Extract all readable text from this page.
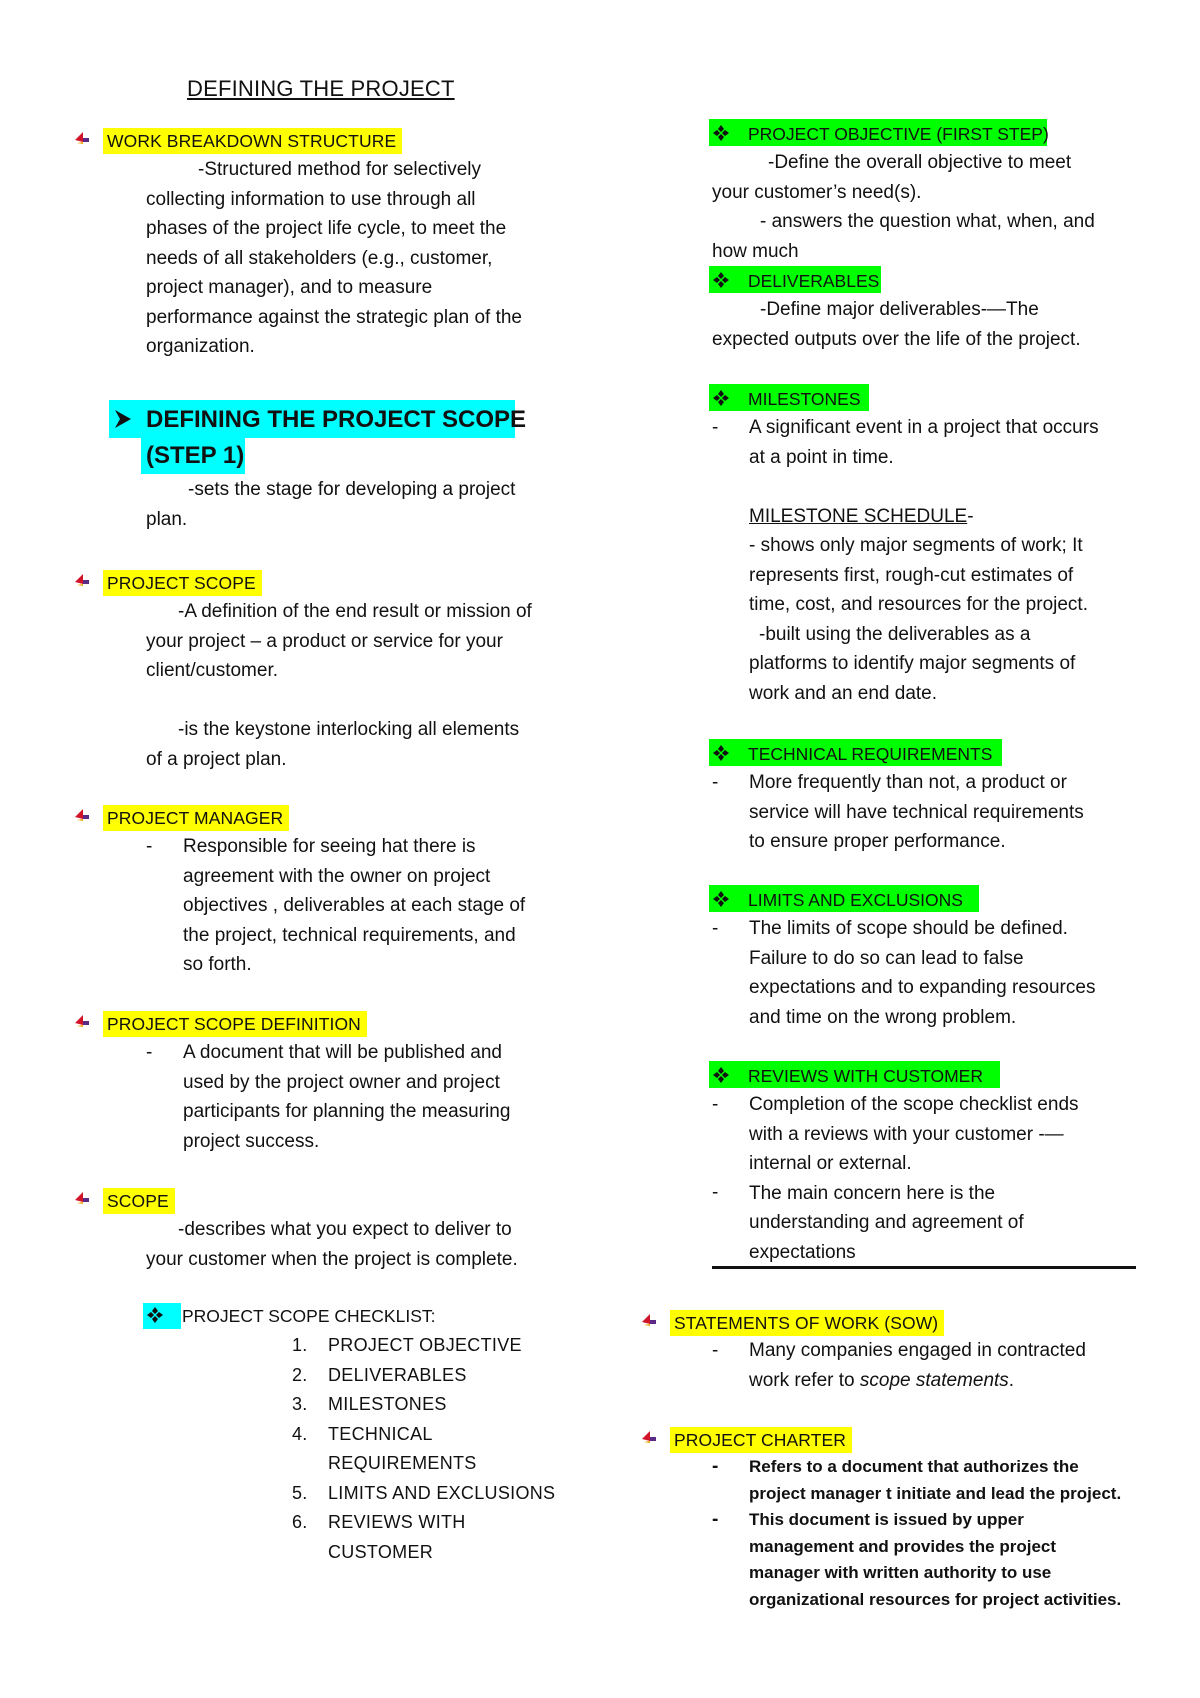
DEFINING THE PROJECT
WORK BREAKDOWN STRUCTURE

-Structured method for selectively

collecting information to use through all

phases of the project life cycle, to meet the

needs of all stakeholders (e.g., customer,

project manager), and to measure

performance against the strategic plan of the

organization.

DEFINING THE PROJECT SCOPE
(STEP 1)

-sets the stage for developing a project

plan.

PROJECT SCOPE

-A definition of the end result or mission of

your project – a product or service for your

client/customer.

-is the keystone interlocking all elements

of a project plan.

PROJECT MANAGER
- Responsible for seeing hat there is

agreement with the owner on project

objectives , deliverables at each stage of

the project, technical requirements, and

so forth.

PROJECT SCOPE DEFINITION
- A document that will be published and

used by the project owner and project

participants for planning the measuring

project success.

SCOPE

-describes what you expect to deliver to

your customer when the project is complete.

PROJECT SCOPE CHECKLIST:
1. PROJECT OBJECTIVE
2. DELIVERABLES
3. MILESTONES
4. TECHNICAL
REQUIREMENTS
5. LIMITS AND EXCLUSIONS
6. REVIEWS WITH
CUSTOMER
PROJECT OBJECTIVE (FIRST STEP)

-Define the overall objective to meet

your customer’s need(s).

- answers the question what, when, and

how much

DELIVERABLES

-Define major deliverables-—The

expected outputs over the life of the project.

MILESTONES
- A significant event in a project that occurs

at a point in time.

MILESTONE SCHEDULE-

- shows only major segments of work; It

represents first, rough-cut estimates of

time, cost, and resources for the project.

-built using the deliverables as a

platforms to identify major segments of

work and an end date.

TECHNICAL REQUIREMENTS
- More frequently than not, a product or

service will have technical requirements

to ensure proper performance.

LIMITS AND EXCLUSIONS
- The limits of scope should be defined.

Failure to do so can lead to false

expectations and to expanding resources

and time on the wrong problem.

REVIEWS WITH CUSTOMER
-
-

Completion of the scope checklist ends

with a reviews with your customer -—

internal or external.

The main concern here is the

understanding and agreement of

expectations

STATEMENTS OF WORK (SOW)
- Many companies engaged in contracted

work refer to scope statements.

PROJECT CHARTER
-
-
Refers to a document that authorizes the
project manager t initiate and lead the project.
This document is issued by upper
management and provides the project
manager with written authority to use
organizational resources for project activities.
